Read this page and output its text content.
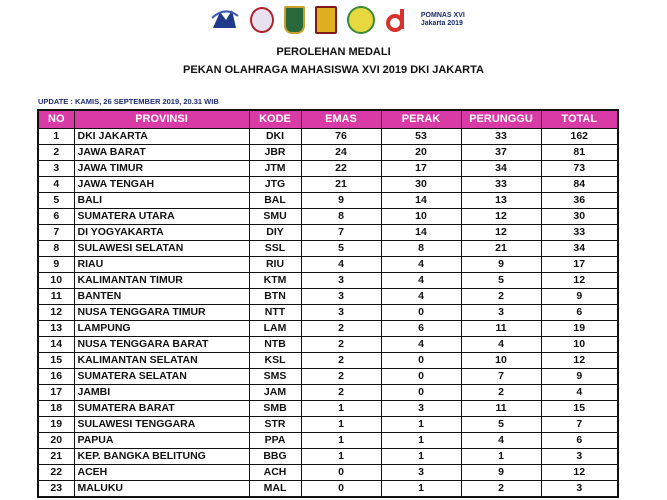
POMNAS XVI Jakarta 2019
PEROLEHAN MEDALI
PEKAN OLAHRAGA MAHASISWA XVI 2019 DKI JAKARTA
UPDATE : KAMIS, 26 SEPTEMBER 2019, 20.31 WIB
NO	PROVINSI	KODE	EMAS	PERAK	PERUNGGU	TOTAL
1	DKI JAKARTA	DKI	76	53	33	162
2	JAWA BARAT	JBR	24	20	37	81
3	JAWA TIMUR	JTM	22	17	34	73
4	JAWA TENGAH	JTG	21	30	33	84
5	BALI	BAL	9	14	13	36
6	SUMATERA UTARA	SMU	8	10	12	30
7	DI YOGYAKARTA	DIY	7	14	12	33
8	SULAWESI SELATAN	SSL	5	8	21	34
9	RIAU	RIU	4	4	9	17
10	KALIMANTAN TIMUR	KTM	3	4	5	12
11	BANTEN	BTN	3	4	2	9
12	NUSA TENGGARA TIMUR	NTT	3	0	3	6
13	LAMPUNG	LAM	2	6	11	19
14	NUSA TENGGARA BARAT	NTB	2	4	4	10
15	KALIMANTAN SELATAN	KSL	2	0	10	12
16	SUMATERA SELATAN	SMS	2	0	7	9
17	JAMBI	JAM	2	0	2	4
18	SUMATERA BARAT	SMB	1	3	11	15
19	SULAWESI TENGGARA	STR	1	1	5	7
20	PAPUA	PPA	1	1	4	6
21	KEP. BANGKA BELITUNG	BBG	1	1	1	3
22	ACEH	ACH	0	3	9	12
23	MALUKU	MAL	0	1	2	3
